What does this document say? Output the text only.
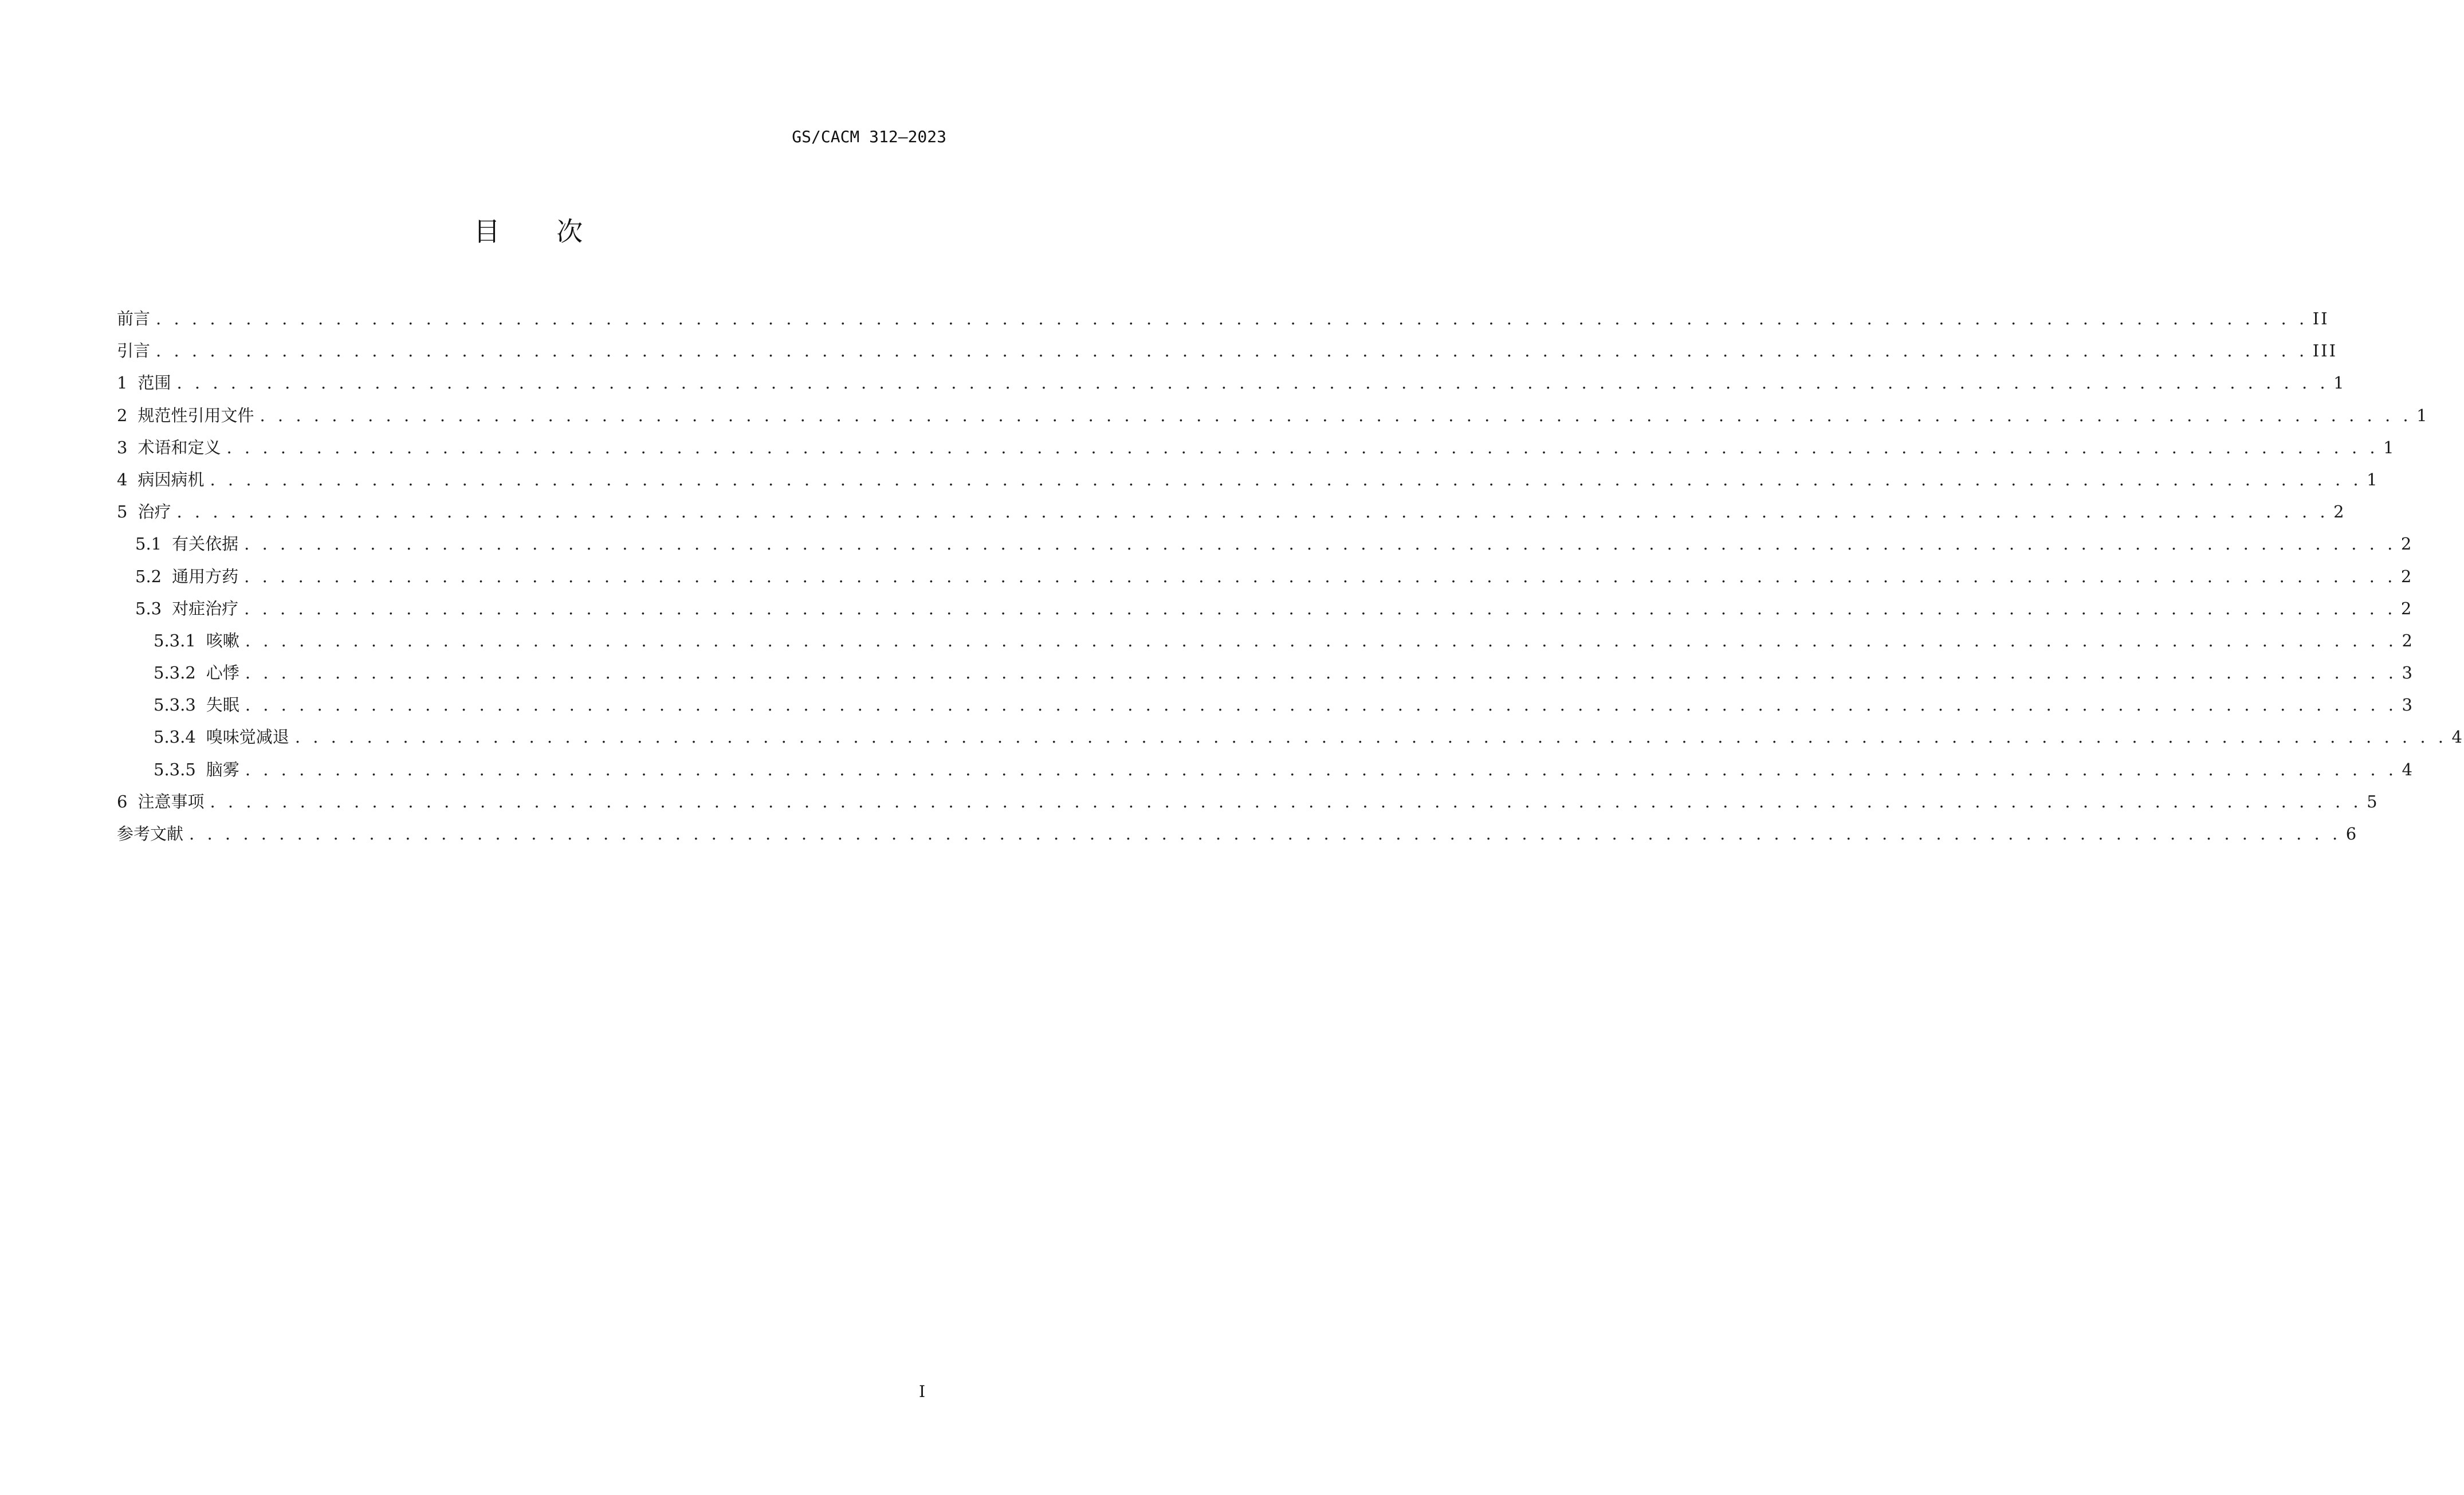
GS/CACM 312—2023
目 次
前言 . . . . . . . . . . . . . . . . . . . . . . . . . . . . . . . . . . . . . . . . . . . . . . . . . . . . . . . . . . . . . . . . . . . . . . . . . . . . . . . . . . . . . . . . . . . . . . . . . . . . . . . . . . . . . . . . . . . . . . . . II
引言 . . . . . . . . . . . . . . . . . . . . . . . . . . . . . . . . . . . . . . . . . . . . . . . . . . . . . . . . . . . . . . . . . . . . . . . . . . . . . . . . . . . . . . . . . . . . . . . . . . . . . . . . . . . . . . . . . . . . . . . . III
1 范围 . . . . . . . . . . . . . . . . . . . . . . . . . . . . . . . . . . . . . . . . . . . . . . . . . . . . . . . . . . . . . . . . . . . . . . . . . . . . . . . . . . . . . . . . . . . . . . . . . . . . . . . . . . . . . . . . . . . . . . . . 1
2 规范性引用文件 . . . . . . . . . . . . . . . . . . . . . . . . . . . . . . . . . . . . . . . . . . . . . . . . . . . . . . . . . . . . . . . . . . . . . . . . . . . . . . . . . . . . . . . . . . . . . . . . . . . . . . . . . . . . . . . . . . . . . . . . 1
3 术语和定义 . . . . . . . . . . . . . . . . . . . . . . . . . . . . . . . . . . . . . . . . . . . . . . . . . . . . . . . . . . . . . . . . . . . . . . . . . . . . . . . . . . . . . . . . . . . . . . . . . . . . . . . . . . . . . . . . . . . . . . . . 1
4 病因病机 . . . . . . . . . . . . . . . . . . . . . . . . . . . . . . . . . . . . . . . . . . . . . . . . . . . . . . . . . . . . . . . . . . . . . . . . . . . . . . . . . . . . . . . . . . . . . . . . . . . . . . . . . . . . . . . . . . . . . . . . 1
5 治疗 . . . . . . . . . . . . . . . . . . . . . . . . . . . . . . . . . . . . . . . . . . . . . . . . . . . . . . . . . . . . . . . . . . . . . . . . . . . . . . . . . . . . . . . . . . . . . . . . . . . . . . . . . . . . . . . . . . . . . . . . 2
5.1 有关依据 . . . . . . . . . . . . . . . . . . . . . . . . . . . . . . . . . . . . . . . . . . . . . . . . . . . . . . . . . . . . . . . . . . . . . . . . . . . . . . . . . . . . . . . . . . . . . . . . . . . . . . . . . . . . . . . . . . . . . . . . 2
5.2 通用方药 . . . . . . . . . . . . . . . . . . . . . . . . . . . . . . . . . . . . . . . . . . . . . . . . . . . . . . . . . . . . . . . . . . . . . . . . . . . . . . . . . . . . . . . . . . . . . . . . . . . . . . . . . . . . . . . . . . . . . . . . 2
5.3 对症治疗 . . . . . . . . . . . . . . . . . . . . . . . . . . . . . . . . . . . . . . . . . . . . . . . . . . . . . . . . . . . . . . . . . . . . . . . . . . . . . . . . . . . . . . . . . . . . . . . . . . . . . . . . . . . . . . . . . . . . . . . . 2
5.3.1 咳嗽 . . . . . . . . . . . . . . . . . . . . . . . . . . . . . . . . . . . . . . . . . . . . . . . . . . . . . . . . . . . . . . . . . . . . . . . . . . . . . . . . . . . . . . . . . . . . . . . . . . . . . . . . . . . . . . . . . . . . . . . . 2
5.3.2 心悸 . . . . . . . . . . . . . . . . . . . . . . . . . . . . . . . . . . . . . . . . . . . . . . . . . . . . . . . . . . . . . . . . . . . . . . . . . . . . . . . . . . . . . . . . . . . . . . . . . . . . . . . . . . . . . . . . . . . . . . . . 3
5.3.3 失眠 . . . . . . . . . . . . . . . . . . . . . . . . . . . . . . . . . . . . . . . . . . . . . . . . . . . . . . . . . . . . . . . . . . . . . . . . . . . . . . . . . . . . . . . . . . . . . . . . . . . . . . . . . . . . . . . . . . . . . . . . 3
5.3.4 嗅味觉减退 . . . . . . . . . . . . . . . . . . . . . . . . . . . . . . . . . . . . . . . . . . . . . . . . . . . . . . . . . . . . . . . . . . . . . . . . . . . . . . . . . . . . . . . . . . . . . . . . . . . . . . . . . . . . . . . . . . . . . . . . 4
5.3.5 脑雾 . . . . . . . . . . . . . . . . . . . . . . . . . . . . . . . . . . . . . . . . . . . . . . . . . . . . . . . . . . . . . . . . . . . . . . . . . . . . . . . . . . . . . . . . . . . . . . . . . . . . . . . . . . . . . . . . . . . . . . . . 4
6 注意事项 . . . . . . . . . . . . . . . . . . . . . . . . . . . . . . . . . . . . . . . . . . . . . . . . . . . . . . . . . . . . . . . . . . . . . . . . . . . . . . . . . . . . . . . . . . . . . . . . . . . . . . . . . . . . . . . . . . . . . . . . 5
参考文献 . . . . . . . . . . . . . . . . . . . . . . . . . . . . . . . . . . . . . . . . . . . . . . . . . . . . . . . . . . . . . . . . . . . . . . . . . . . . . . . . . . . . . . . . . . . . . . . . . . . . . . . . . . . . . . . . . . . . . . . . 6
I
